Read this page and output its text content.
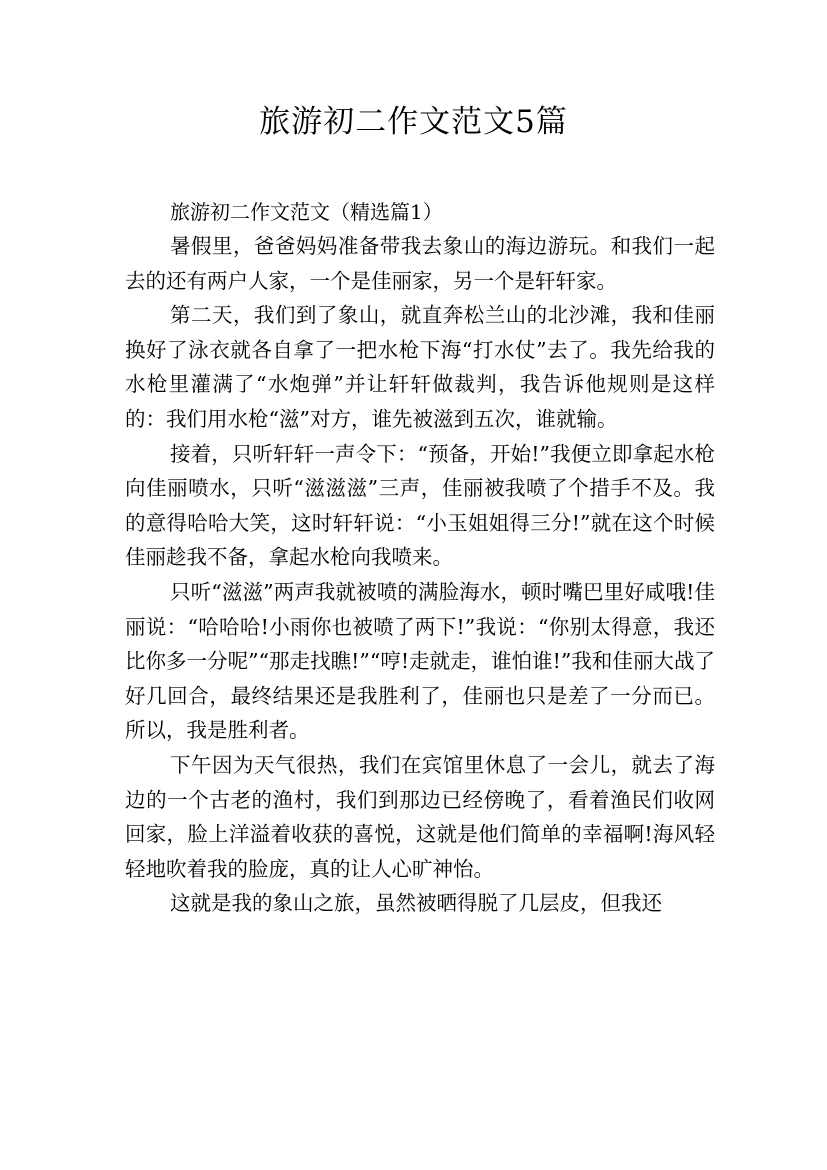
旅游初二作文范文5篇

旅游初二作文范文（精选篇1）

暑假里，爸爸妈妈准备带我去象山的海边游玩。和我们一起去的还有两户人家，一个是佳丽家，另一个是轩轩家。

第二天，我们到了象山，就直奔松兰山的北沙滩，我和佳丽换好了泳衣就各自拿了一把水枪下海“打水仗”去了。我先给我的水枪里灌满了“水炮弹”并让轩轩做裁判，我告诉他规则是这样的：我们用水枪“滋”对方，谁先被滋到五次，谁就输。

接着，只听轩轩一声令下：“预备，开始!”我便立即拿起水枪向佳丽喷水，只听“滋滋滋”三声，佳丽被我喷了个措手不及。我的意得哈哈大笑，这时轩轩说：“小玉姐姐得三分!”就在这个时候佳丽趁我不备，拿起水枪向我喷来。

只听“滋滋”两声我就被喷的满脸海水，顿时嘴巴里好咸哦!佳丽说：“哈哈哈!小雨你也被喷了两下!”我说：“你别太得意，我还比你多一分呢”“那走找瞧!”“哼!走就走，谁怕谁!”我和佳丽大战了好几回合，最终结果还是我胜利了，佳丽也只是差了一分而已。所以，我是胜利者。

下午因为天气很热，我们在宾馆里休息了一会儿，就去了海边的一个古老的渔村，我们到那边已经傍晚了，看着渔民们收网回家，脸上洋溢着收获的喜悦，这就是他们简单的幸福啊!海风轻轻地吹着我的脸庞，真的让人心旷神怡。

这就是我的象山之旅，虽然被晒得脱了几层皮，但我还
